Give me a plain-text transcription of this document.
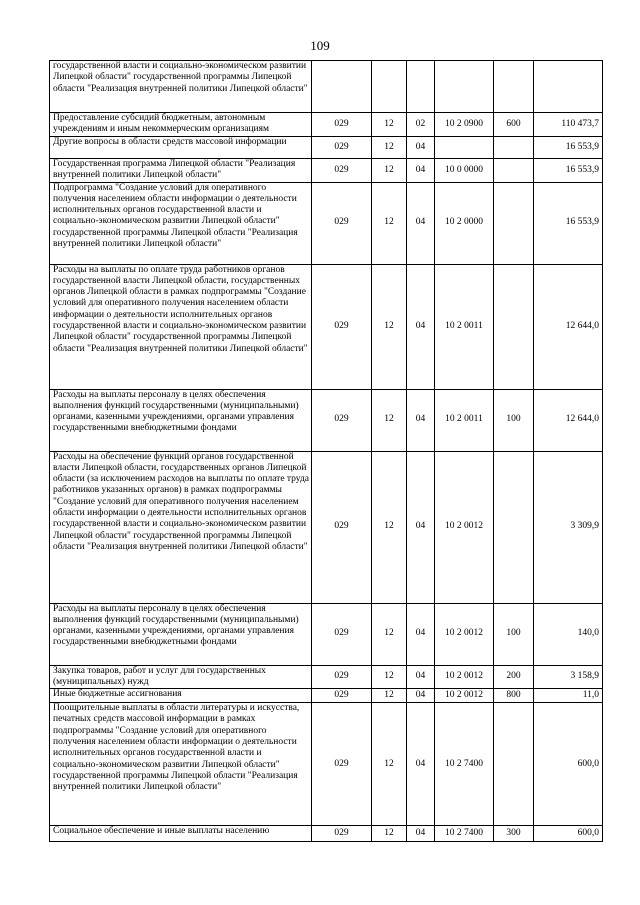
109
государственной власти и социально-экономическом развитии Липецкой области" государственной программы Липецкой области "Реализация внутренней политики Липецкой области"						
Предоставление субсидий бюджетным, автономным учреждениям и иным некоммерческим организациям	029	12	02	10 2 0900	600	110 473,7
Другие вопросы в области средств массовой информации	029	12	04			16 553,9
Государственная программа Липецкой области "Реализация внутренней политики Липецкой области"	029	12	04	10 0 0000		16 553,9
Подпрограмма "Создание условий для оперативного получения населением области информации о деятельности исполнительных органов государственной власти и социально-экономическом развитии Липецкой области" государственной программы Липецкой области "Реализация внутренней политики Липецкой области"	029	12	04	10 2 0000		16 553,9
Расходы на выплаты по оплате труда работников органов государственной власти Липецкой области, государственных органов Липецкой области в рамках подпрограммы "Создание условий для оперативного получения населением области информации о деятельности исполнительных органов государственной власти и социально-экономическом развитии Липецкой области" государственной программы Липецкой области "Реализация внутренней политики Липецкой области"	029	12	04	10 2 0011		12 644,0
Расходы на выплаты персоналу в целях обеспечения выполнения функций государственными (муниципальными) органами, казенными учреждениями, органами управления государственными внебюджетными фондами	029	12	04	10 2 0011	100	12 644,0
Расходы на обеспечение функций органов государственной власти Липецкой области, государственных органов Липецкой области (за исключением расходов на выплаты по оплате труда работников указанных органов) в рамках подпрограммы "Создание условий для оперативного получения населением области информации о деятельности исполнительных органов государственной власти и социально-экономическом развитии Липецкой области" государственной программы Липецкой области "Реализация внутренней политики Липецкой области"	029	12	04	10 2 0012		3 309,9
Расходы на выплаты персоналу в целях обеспечения выполнения функций государственными (муниципальными) органами, казенными учреждениями, органами управления государственными внебюджетными фондами	029	12	04	10 2 0012	100	140,0
Закупка товаров, работ и услуг для государственных (муниципальных) нужд	029	12	04	10 2 0012	200	3 158,9
Иные бюджетные ассигнования	029	12	04	10 2 0012	800	11,0
Поощрительные выплаты в области литературы и искусства, печатных средств массовой информации в рамках подпрограммы "Создание условий для оперативного получения населением области информации о деятельности исполнительных органов государственной власти и социально-экономическом развитии Липецкой области" государственной программы Липецкой области "Реализация внутренней политики Липецкой области"	029	12	04	10 2 7400		600,0
Социальное обеспечение и иные выплаты населению	029	12	04	10 2 7400	300	600,0
